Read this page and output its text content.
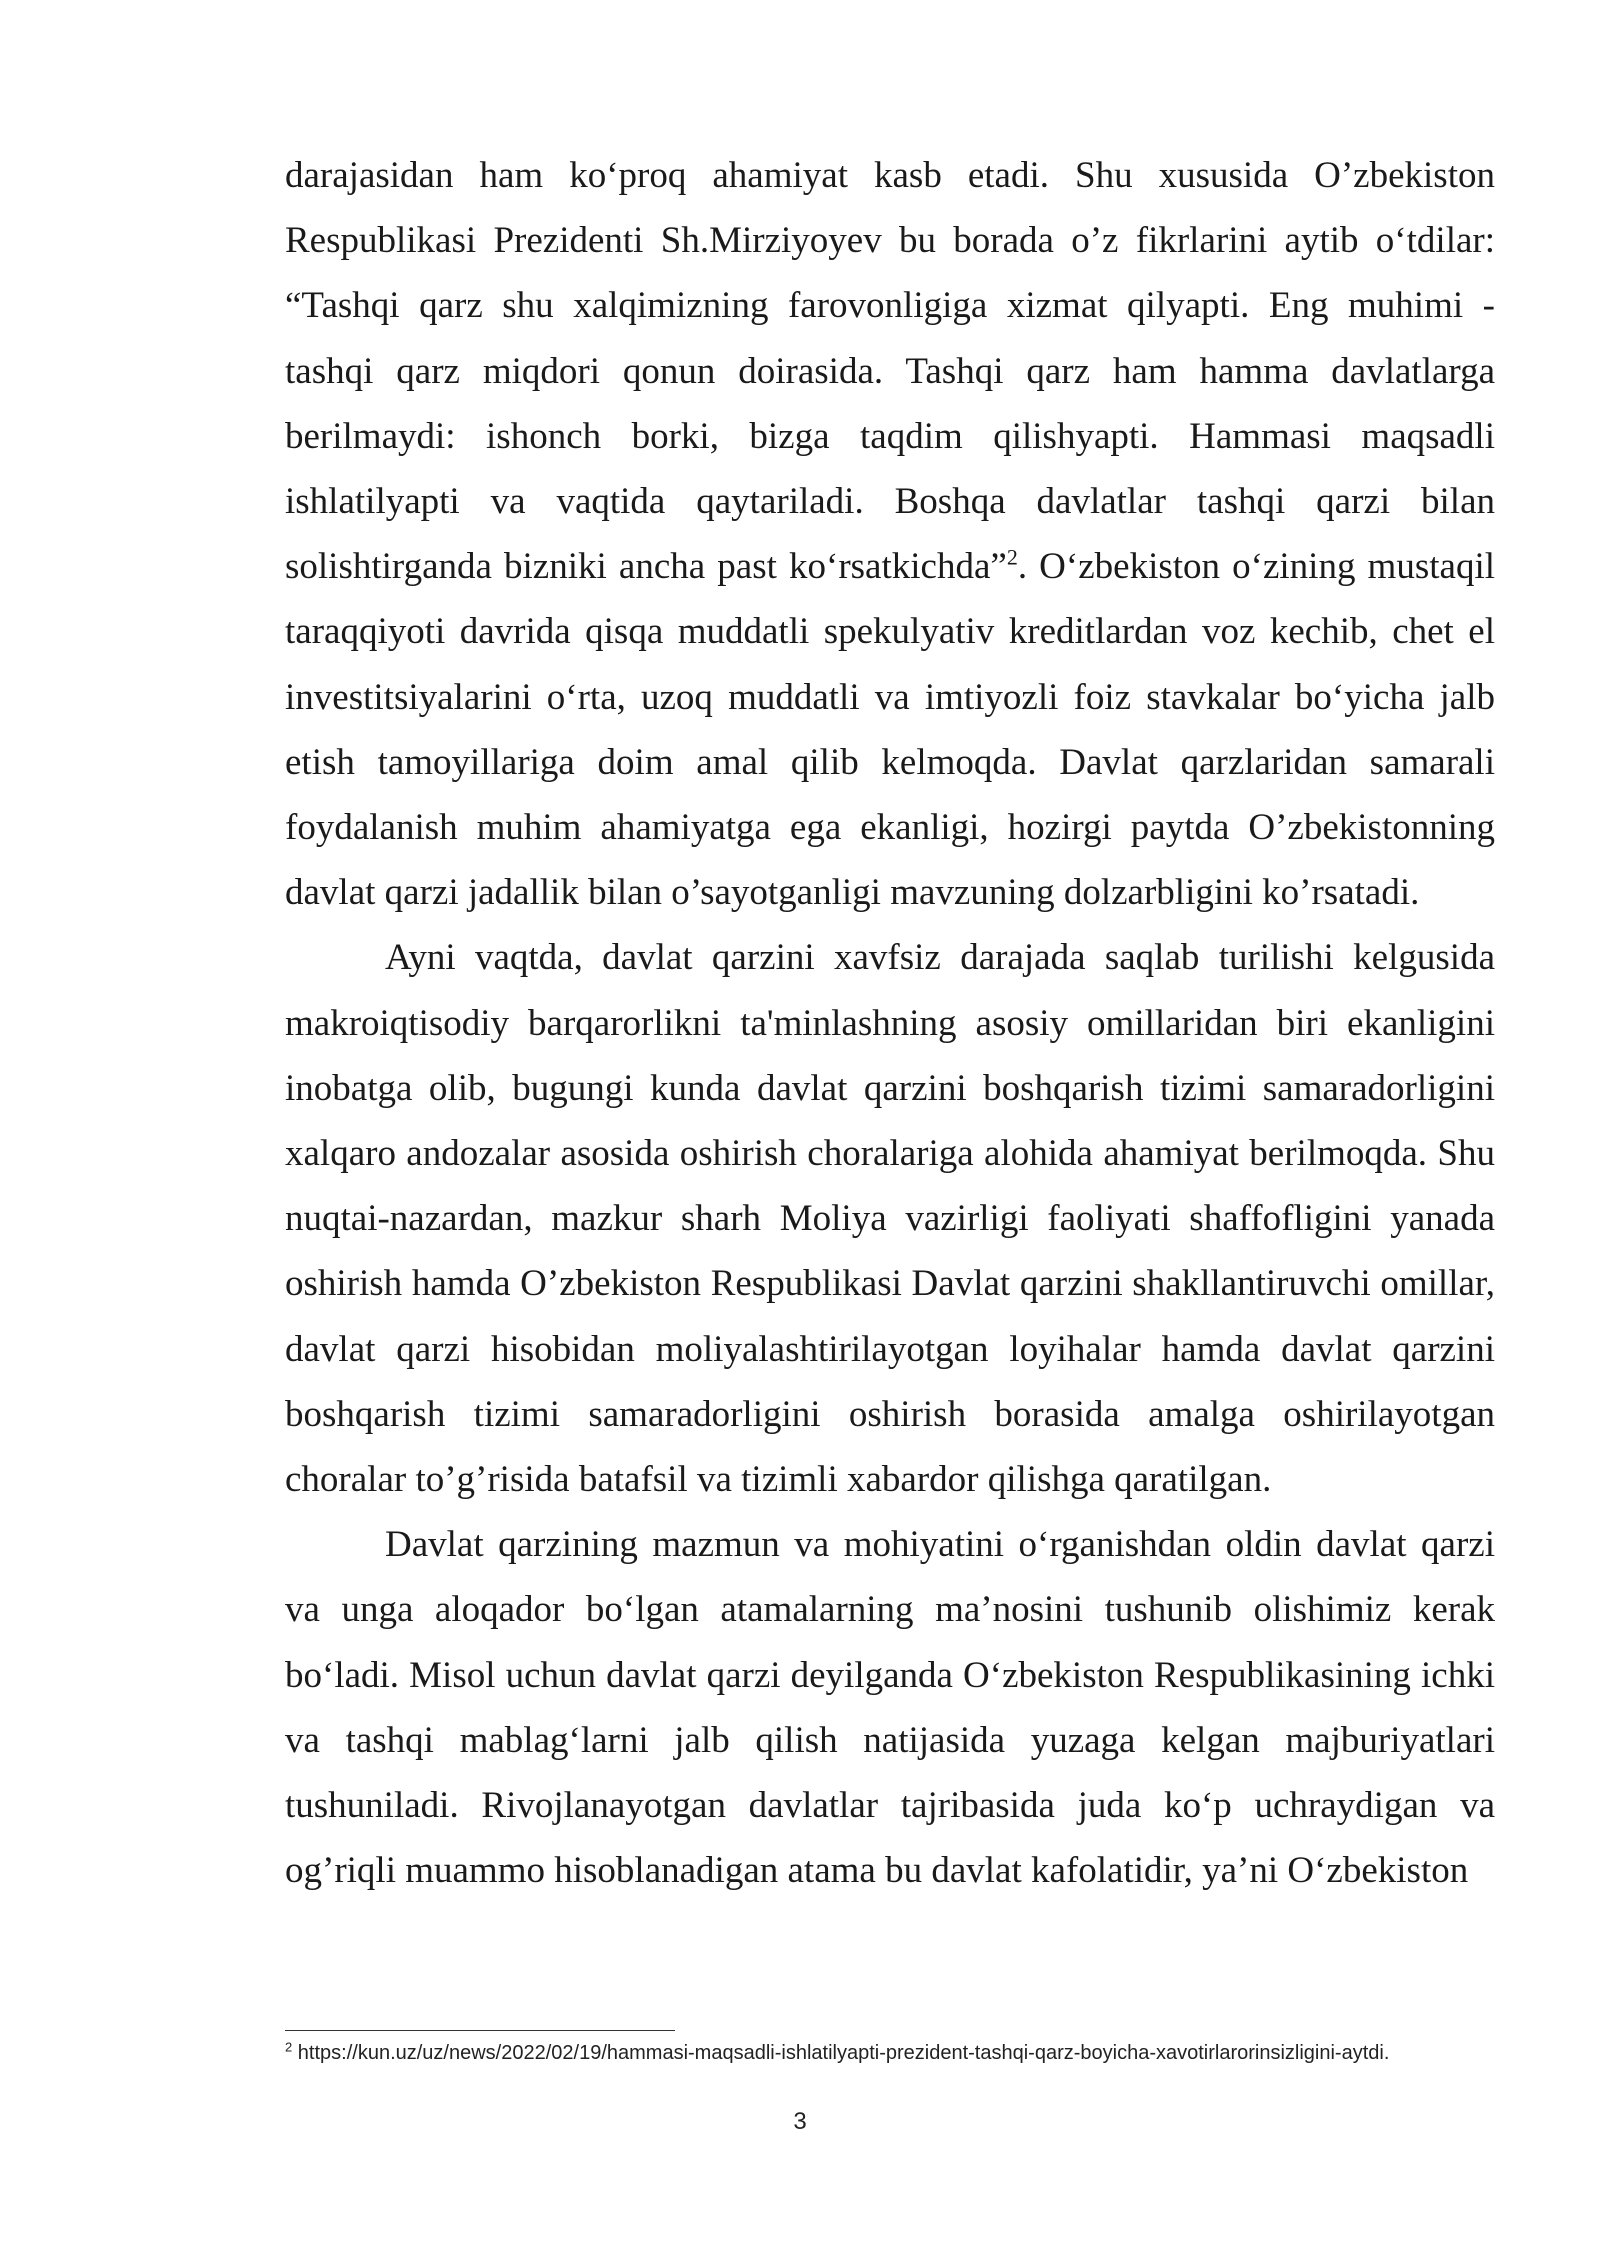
darajasidan ham ko‘proq ahamiyat kasb etadi. Shu xususida O’zbekiston Respublikasi Prezidenti Sh.Mirziyoyev bu borada o’z fikrlarini aytib o‘tdilar: “Tashqi qarz shu xalqimizning farovonligiga xizmat qilyapti. Eng muhimi - tashqi qarz miqdori qonun doirasida. Tashqi qarz ham hamma davlatlarga berilmaydi: ishonch borki, bizga taqdim qilishyapti. Hammasi maqsadli ishlatilyapti va vaqtida qaytariladi. Boshqa davlatlar tashqi qarzi bilan solishtirganda bizniki ancha past ko‘rsatkichda”$^2$. O‘zbekiston o‘zining mustaqil taraqqiyoti davrida qisqa muddatli spekulyativ kreditlardan voz kechib, chet el investitsiyalarini o‘rta, uzoq muddatli va imtiyozli foiz stavkalar bo‘yicha jalb etish tamoyillariga doim amal qilib kelmoqda. Davlat qarzlaridan samarali foydalanish muhim ahamiyatga ega ekanligi, hozirgi paytda O’zbekistonning davlat qarzi jadallik bilan o’sayotganligi mavzuning dolzarbligini ko’rsatadi.

Ayni vaqtda, davlat qarzini xavfsiz darajada saqlab turilishi kelgusida makroiqtisodiy barqarorlikni ta'minlashning asosiy omillaridan biri ekanligini inobatga olib, bugungi kunda davlat qarzini boshqarish tizimi samaradorligini xalqaro andozalar asosida oshirish choralariga alohida ahamiyat berilmoqda. Shu nuqtai-nazardan, mazkur sharh Moliya vazirligi faoliyati shaffofligini yanada oshirish hamda O’zbekiston Respublikasi Davlat qarzini shakllantiruvchi omillar, davlat qarzi hisobidan moliyalashtirilayotgan loyihalar hamda davlat qarzini boshqarish tizimi samaradorligini oshirish borasida amalga oshirilayotgan choralar to’g’risida batafsil va tizimli xabardor qilishga qaratilgan.

Davlat qarzining mazmun va mohiyatini o‘rganishdan oldin davlat qarzi va unga aloqador bo‘lgan atamalarning ma’nosini tushunib olishimiz kerak bo‘ladi. Misol uchun davlat qarzi deyilganda O‘zbekiston Respublikasining ichki va tashqi mablag‘larni jalb qilish natijasida yuzaga kelgan majburiyatlari tushuniladi. Rivojlanayotgan davlatlar tajribasida juda ko‘p uchraydigan va og’riqli muammo hisoblanadigan atama bu davlat kafolatidir, ya’ni O‘zbekiston

$^2$ https://kun.uz/uz/news/2022/02/19/hammasi-maqsadli-ishlatilyapti-prezident-tashqi-qarz-boyicha-xavotirlarorinsizligini-aytdi.
3
